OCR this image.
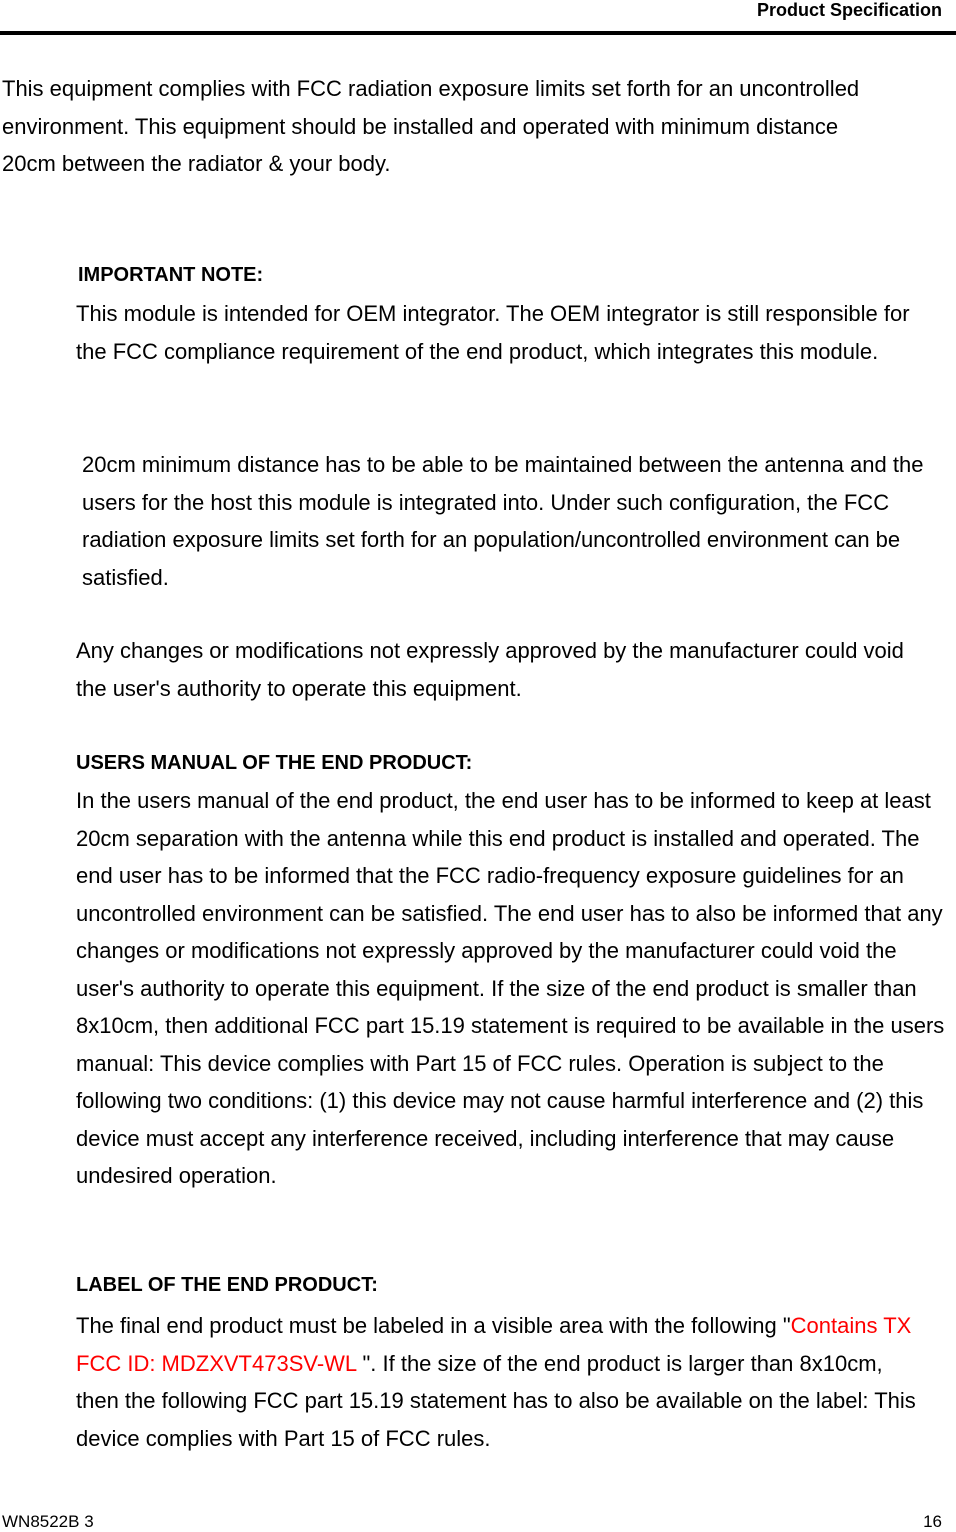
Product Specification

This equipment complies with FCC radiation exposure limits set forth for an uncontrolled environment. This equipment should be installed and operated with minimum distance 20cm between the radiator & your body.

IMPORTANT NOTE:

This module is intended for OEM integrator. The OEM integrator is still responsible for the FCC compliance requirement of the end product, which integrates this module.

20cm minimum distance has to be able to be maintained between the antenna and the users for the host this module is integrated into. Under such configuration, the FCC radiation exposure limits set forth for an population/uncontrolled environment can be satisfied.

Any changes or modifications not expressly approved by the manufacturer could void the user's authority to operate this equipment.

USERS MANUAL OF THE END PRODUCT:

In the users manual of the end product, the end user has to be informed to keep at least 20cm separation with the antenna while this end product is installed and operated. The end user has to be informed that the FCC radio-frequency exposure guidelines for an uncontrolled environment can be satisfied. The end user has to also be informed that any changes or modifications not expressly approved by the manufacturer could void the user's authority to operate this equipment. If the size of the end product is smaller than 8x10cm, then additional FCC part 15.19 statement is required to be available in the users manual: This device complies with Part 15 of FCC rules. Operation is subject to the following two conditions: (1) this device may not cause harmful interference and (2) this device must accept any interference received, including interference that may cause undesired operation.

LABEL OF THE END PRODUCT:

The final end product must be labeled in a visible area with the following "Contains TX FCC ID: MDZXVT473SV-WL ". If the size of the end product is larger than 8x10cm, then the following FCC part 15.19 statement has to also be available on the label: This device complies with Part 15 of FCC rules.

WN8522B 3	16
